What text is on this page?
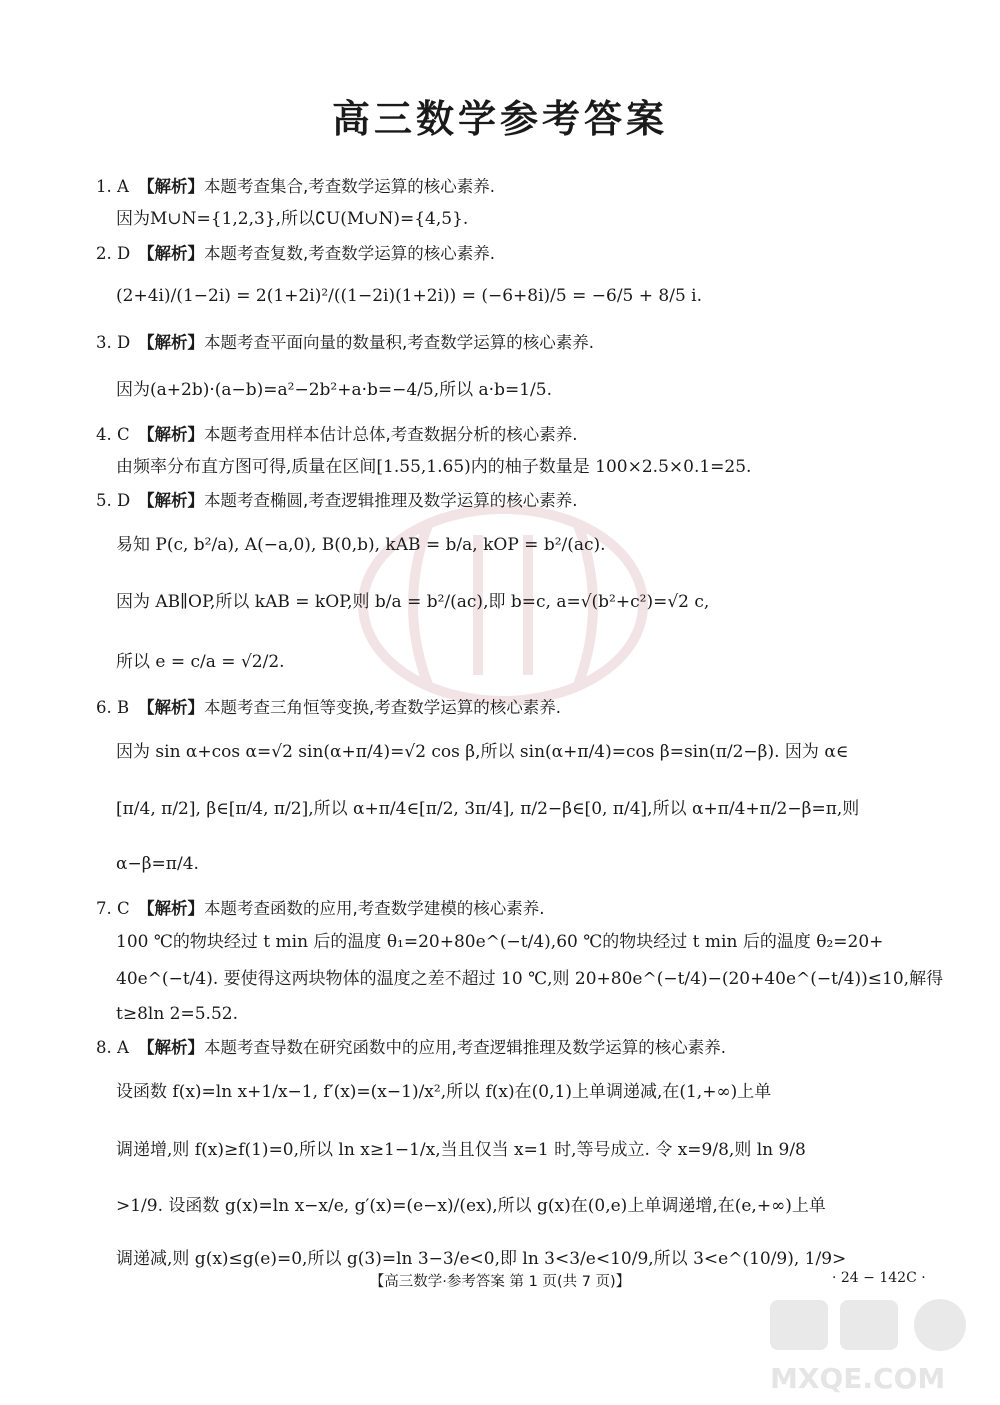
高三数学参考答案
1. A 【解析】本题考查集合,考查数学运算的核心素养.
因为M∪N={1,2,3},所以∁U(M∪N)={4,5}.
2. D 【解析】本题考查复数,考查数学运算的核心素养.
(2+4i)/(1−2i) = 2(1+2i)²/((1−2i)(1+2i)) = (−6+8i)/5 = −6/5 + 8/5 i.
3. D 【解析】本题考查平面向量的数量积,考查数学运算的核心素养.
因为(a+2b)·(a−b)=a²−2b²+a·b=−4/5,所以 a·b=1/5.
4. C 【解析】本题考查用样本估计总体,考查数据分析的核心素养.
由频率分布直方图可得,质量在区间[1.55,1.65)内的柚子数量是 100×2.5×0.1=25.
5. D 【解析】本题考查椭圆,考查逻辑推理及数学运算的核心素养.
易知 P(c, b²/a), A(−a,0), B(0,b), kAB = b/a, kOP = b²/(ac).
因为 AB∥OP,所以 kAB = kOP,则 b/a = b²/(ac),即 b=c, a=√(b²+c²)=√2 c,
所以 e = c/a = √2/2.
6. B 【解析】本题考查三角恒等变换,考查数学运算的核心素养.
因为 sin α+cos α=√2 sin(α+π/4)=√2 cos β,所以 sin(α+π/4)=cos β=sin(π/2−β). 因为 α∈
[π/4, π/2], β∈[π/4, π/2],所以 α+π/4∈[π/2, 3π/4], π/2−β∈[0, π/4],所以 α+π/4+π/2−β=π,则
α−β=π/4.
7. C 【解析】本题考查函数的应用,考查数学建模的核心素养.
100 ℃的物块经过 t min 后的温度 θ₁=20+80e^(−t/4),60 ℃的物块经过 t min 后的温度 θ₂=20+
40e^(−t/4). 要使得这两块物体的温度之差不超过 10 ℃,则 20+80e^(−t/4)−(20+40e^(−t/4))≤10,解得
t≥8ln 2=5.52.
8. A 【解析】本题考查导数在研究函数中的应用,考查逻辑推理及数学运算的核心素养.
设函数 f(x)=ln x+1/x−1, f′(x)=(x−1)/x²,所以 f(x)在(0,1)上单调递减,在(1,+∞)上单
调递增,则 f(x)≥f(1)=0,所以 ln x≥1−1/x,当且仅当 x=1 时,等号成立. 令 x=9/8,则 ln 9/8
>1/9. 设函数 g(x)=ln x−x/e, g′(x)=(e−x)/(ex),所以 g(x)在(0,e)上单调递增,在(e,+∞)上单
调递减,则 g(x)≤g(e)=0,所以 g(3)=ln 3−3/e<0,即 ln 3<3/e<10/9,所以 3<e^(10/9), 1/9>
【高三数学·参考答案 第 1 页(共 7 页)】	· 24 − 142C ·
MXQE.COM
